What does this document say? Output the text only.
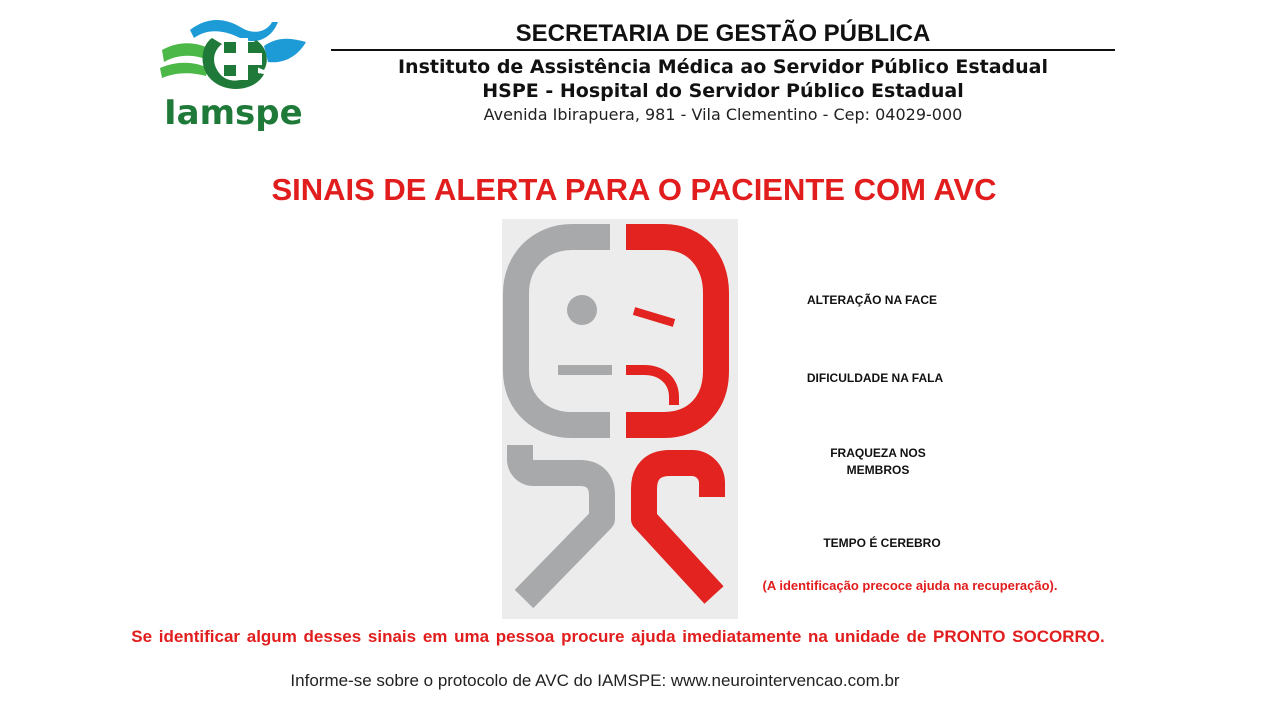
Iamspe
SECRETARIA DE GESTÃO PÚBLICA
Instituto de Assistência Médica ao Servidor Público Estadual
HSPE - Hospital do Servidor Público Estadual
Avenida Ibirapuera, 981 - Vila Clementino - Cep: 04029-000
SINAIS DE ALERTA PARA O PACIENTE COM AVC
ALTERAÇÃO NA FACE
DIFICULDADE NA FALA
FRAQUEZA NOS
MEMBROS
TEMPO É CEREBRO
(A identificação precoce ajuda na recuperação).
Se identificar algum desses sinais em uma pessoa procure ajuda imediatamente na unidade de PRONTO SOCORRO.
Informe-se sobre o protocolo de AVC do IAMSPE: www.neurointervencao.com.br
